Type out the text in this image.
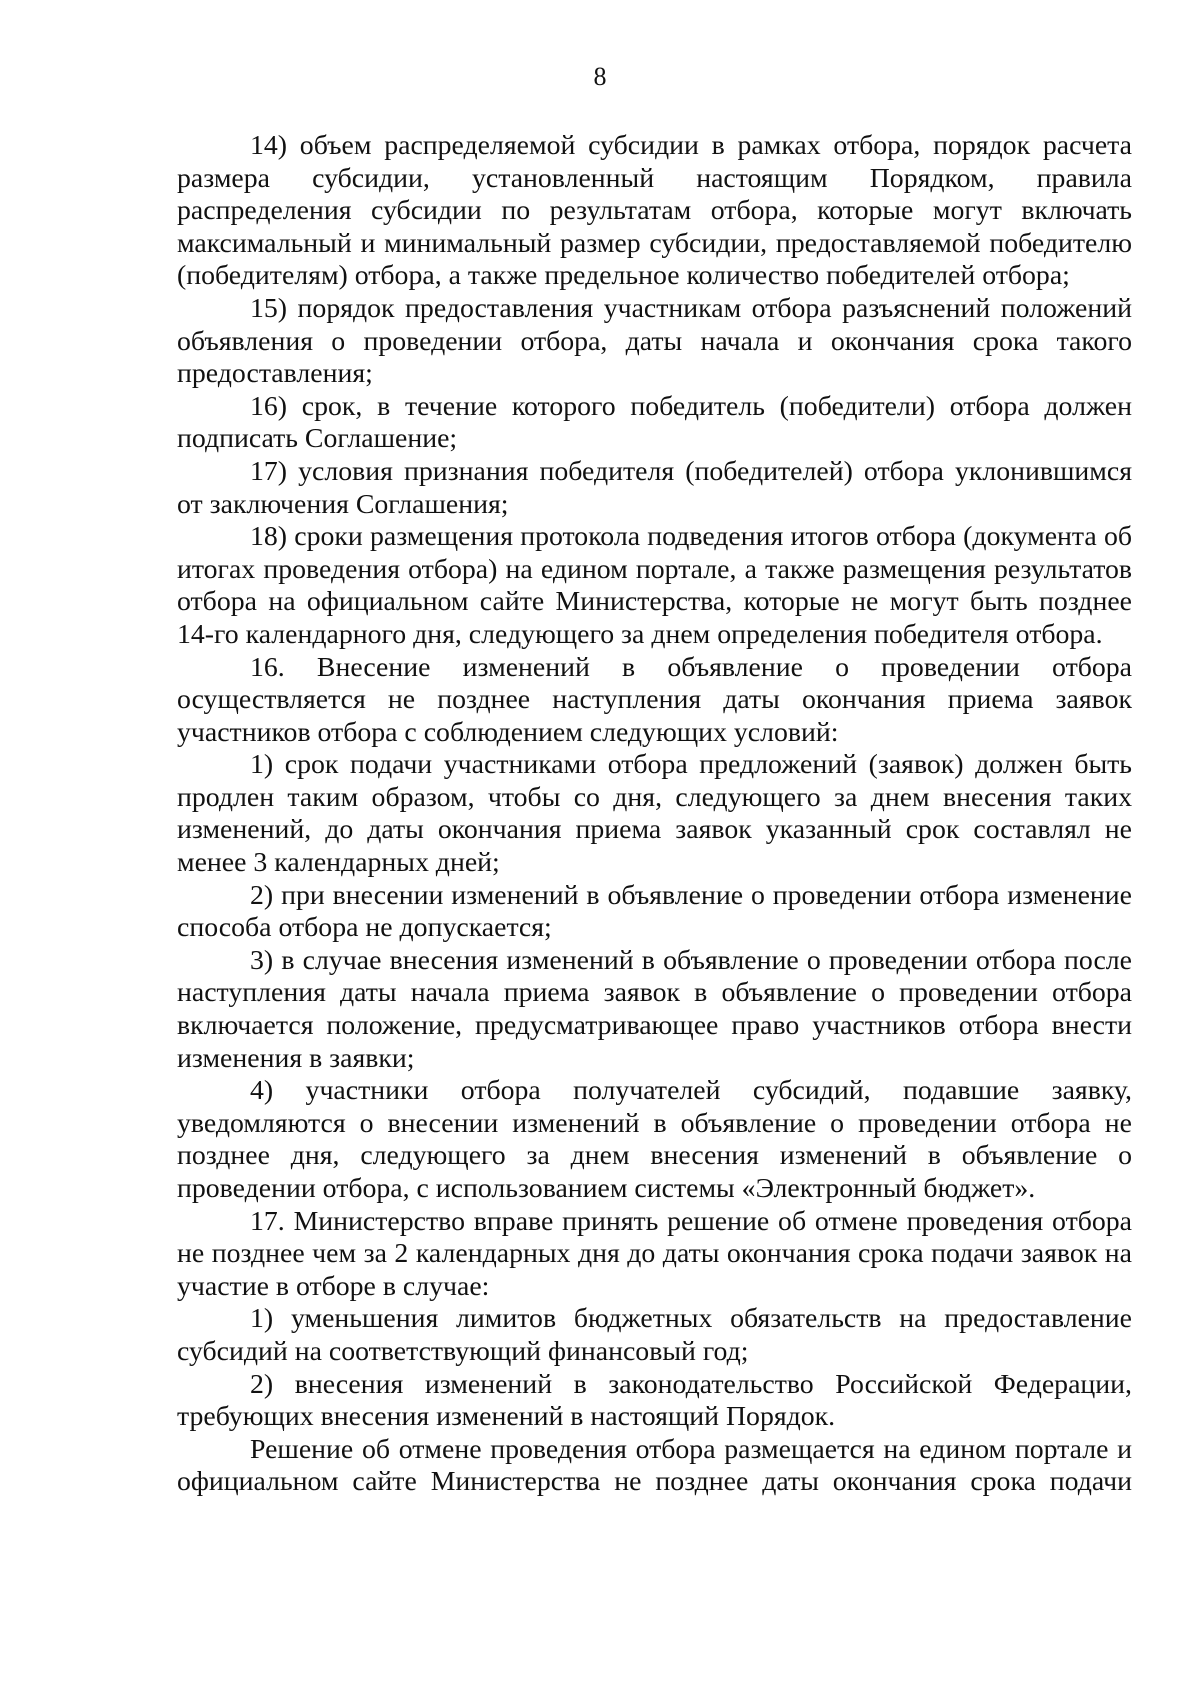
8

14) объем распределяемой субсидии в рамках отбора, порядок расчета размера субсидии, установленный настоящим Порядком, правила распределения субсидии по результатам отбора, которые могут включать максимальный и минимальный размер субсидии, предоставляемой победителю (победителям) отбора, а также предельное количество победителей отбора;

15) порядок предоставления участникам отбора разъяснений положений объявления о проведении отбора, даты начала и окончания срока такого предоставления;

16) срок, в течение которого победитель (победители) отбора должен подписать Соглашение;

17) условия признания победителя (победителей) отбора уклонившимся от заключения Соглашения;

18) сроки размещения протокола подведения итогов отбора (документа об итогах проведения отбора) на едином портале, а также размещения результатов отбора на официальном сайте Министерства, которые не могут быть позднее 14-го календарного дня, следующего за днем определения победителя отбора.

16. Внесение изменений в объявление о проведении отбора осуществляется не позднее наступления даты окончания приема заявок участников отбора с соблюдением следующих условий:

1) срок подачи участниками отбора предложений (заявок) должен быть продлен таким образом, чтобы со дня, следующего за днем внесения таких изменений, до даты окончания приема заявок указанный срок составлял не менее 3 календарных дней;

2) при внесении изменений в объявление о проведении отбора изменение способа отбора не допускается;

3) в случае внесения изменений в объявление о проведении отбора после наступления даты начала приема заявок в объявление о проведении отбора включается положение, предусматривающее право участников отбора внести изменения в заявки;

4) участники отбора получателей субсидий, подавшие заявку, уведомляются о внесении изменений в объявление о проведении отбора не позднее дня, следующего за днем внесения изменений в объявление о проведении отбора, с использованием системы «Электронный бюджет».

17. Министерство вправе принять решение об отмене проведения отбора не позднее чем за 2 календарных дня до даты окончания срока подачи заявок на участие в отборе в случае:

1) уменьшения лимитов бюджетных обязательств на предоставление субсидий на соответствующий финансовый год;

2) внесения изменений в законодательство Российской Федерации, требующих внесения изменений в настоящий Порядок.

Решение об отмене проведения отбора размещается на едином портале и официальном сайте Министерства не позднее даты окончания срока подачи
